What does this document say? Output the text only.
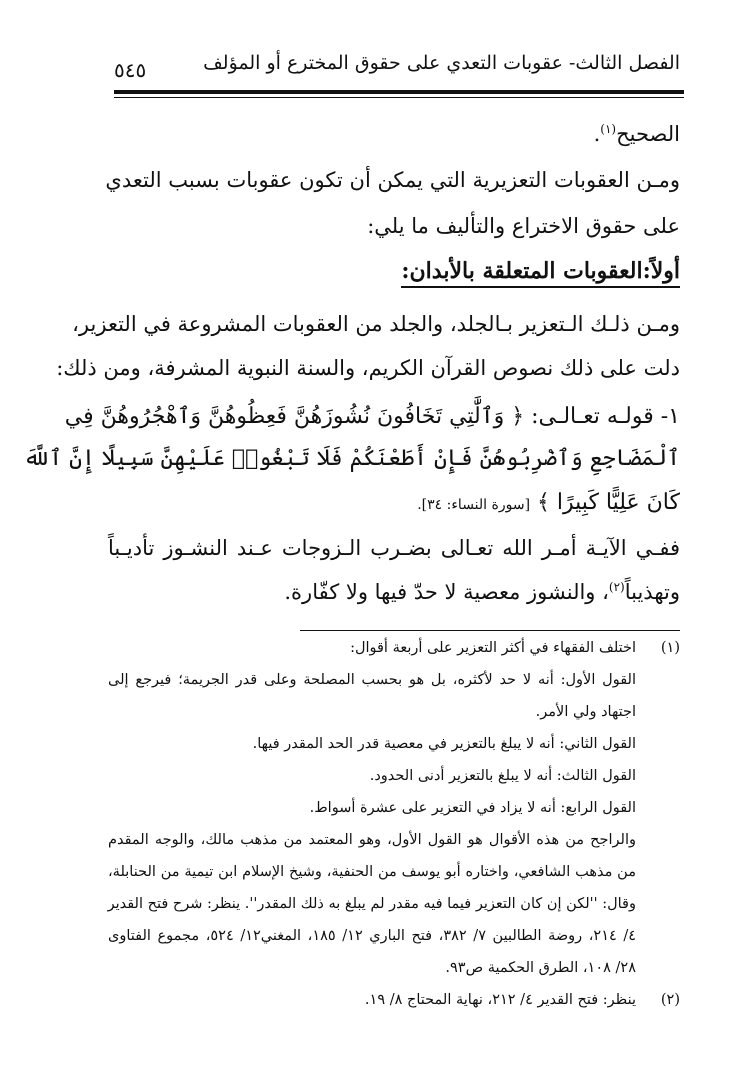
الفصل الثالث- عقوبات التعدي على حقوق المخترع أو المؤلف
٥٤٥
الصحيح$^{(١)}$.
ومـن العقوبات التعزيرية التي يمكن أن تكون عقوبات بسبب التعدي
على حقوق الاختراع والتأليف ما يلي:
أولاً:العقوبات المتعلقة بالأبدان:
ومـن ذلـك الـتعزير بـالجلد، والجلد من العقوبات المشروعة في التعزير،
دلت على ذلك نصوص القرآن الكريم، والسنة النبوية المشرفة، ومن ذلك:
١- قولـه تعـالـى: ﴿ وَٱلَّٰتِي تَخَافُونَ نُشُوزَهُنَّ فَعِظُوهُنَّ وَٱهْجُرُوهُنَّ فِي
ٱلْمَضَاجِعِ وَٱضْرِبُوهُنَّ فَإِنْ أَطَعْنَكُمْ فَلَا تَبْغُوا۟ عَلَيْهِنَّ سَبِيلًا إِنَّ ٱللَّهَ
كَانَ عَلِيًّا كَبِيرًا ﴾ [سورة النساء: ٣٤].
ففـي الآيـة أمـر الله تعـالى بضـرب الـزوجات عـند النشـوز تأديـباً
وتهذيباً$^{(٢)}$، والنشوز معصية لا حدّ فيها ولا كفّارة.
(١)
اختلف الفقهاء في أكثر التعزير على أربعة أقوال:
القول الأول: أنه لا حد لأكثره، بل هو بحسب المصلحة وعلى قدر الجريمة؛ فيرجع إلى
اجتهاد ولي الأمر.
القول الثاني: أنه لا يبلغ بالتعزير في معصية قدر الحد المقدر فيها.
القول الثالث: أنه لا يبلغ بالتعزير أدنى الحدود.
القول الرابع: أنه لا يزاد في التعزير على عشرة أسواط.
والراجح من هذه الأقوال هو القول الأول، وهو المعتمد من مذهب مالك، والوجه المقدم
من مذهب الشافعي، واختاره أبو يوسف من الحنفية، وشيخ الإسلام ابن تيمية من الحنابلة،
وقال: ''لكن إن كان التعزير فيما فيه مقدر لم يبلغ به ذلك المقدر''. ينظر: شرح فتح القدير
٤/ ٢١٤، روضة الطالبين ٧/ ٣٨٢، فتح الباري ١٢/ ١٨٥، المغني١٢/ ٥٢٤، مجموع الفتاوى
٢٨/ ١٠٨، الطرق الحكمية ص٩٣.
(٢)
ينظر: فتح القدير ٤/ ٢١٢، نهاية المحتاج ٨/ ١٩.
